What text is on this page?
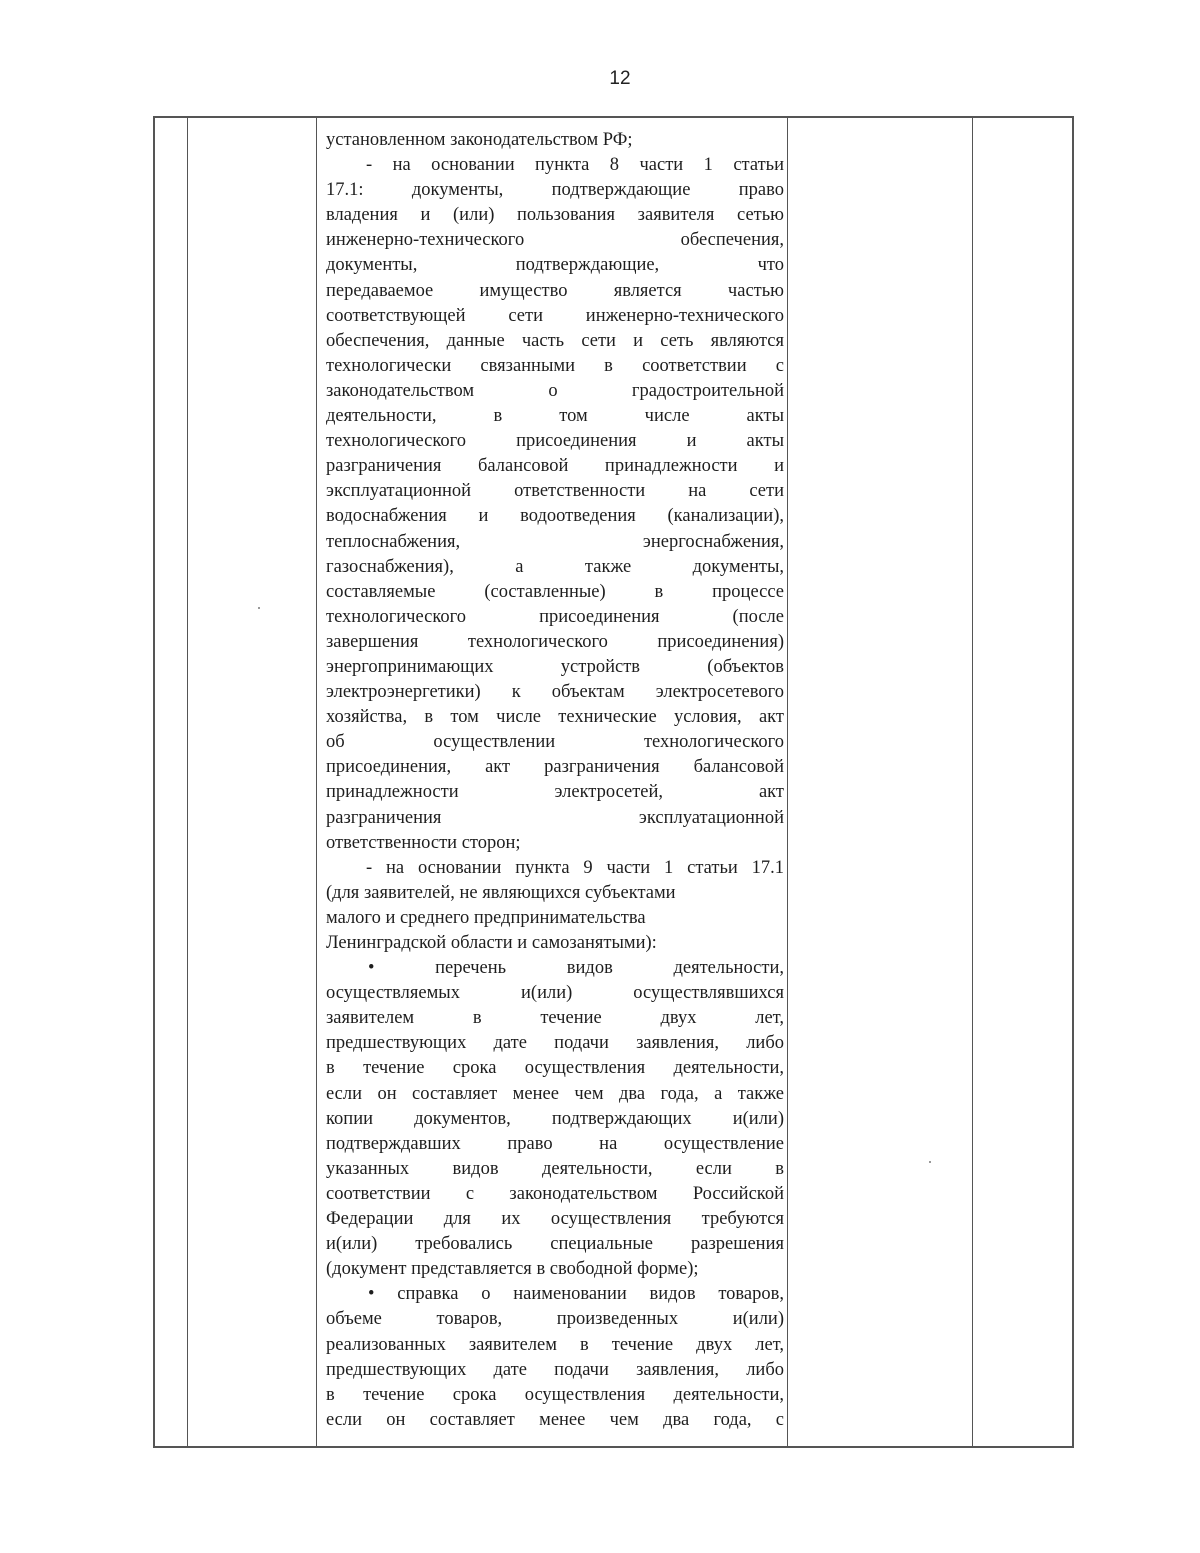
12

установленном законодательством РФ;

- на основании пункта 8 части 1 статьи

17.1: документы, подтверждающие право

владения и (или) пользования заявителя сетью

инженерно-технического обеспечения,

документы, подтверждающие, что

передаваемое имущество является частью

соответствующей сети инженерно-технического

обеспечения, данные часть сети и сеть являются

технологически связанными в соответствии с

законодательством о градостроительной

деятельности, в том числе акты

технологического присоединения и акты

разграничения балансовой принадлежности и

эксплуатационной ответственности на сети

водоснабжения и водоотведения (канализации),

теплоснабжения, энергоснабжения,

газоснабжения), а также документы,

составляемые (составленные) в процессе

технологического присоединения (после

завершения технологического присоединения)

энергопринимающих устройств (объектов

электроэнергетики) к объектам электросетевого

хозяйства, в том числе технические условия, акт

об осуществлении технологического

присоединения, акт разграничения балансовой

принадлежности электросетей, акт

разграничения эксплуатационной

ответственности сторон;

- на основании пункта 9 части 1 статьи 17.1

(для заявителей, не являющихся субъектами

малого и среднего предпринимательства

Ленинградской области и самозанятыми):

• перечень видов деятельности,

осуществляемых и(или) осуществлявшихся

заявителем в течение двух лет,

предшествующих дате подачи заявления, либо

в течение срока осуществления деятельности,

если он составляет менее чем два года, а также

копии документов, подтверждающих и(или)

подтверждавших право на осуществление

указанных видов деятельности, если в

соответствии с законодательством Российской

Федерации для их осуществления требуются

и(или) требовались специальные разрешения

(документ представляется в свободной форме);

• справка о наименовании видов товаров,

объеме товаров, произведенных и(или)

реализованных заявителем в течение двух лет,

предшествующих дате подачи заявления, либо

в течение срока осуществления деятельности,

если он составляет менее чем два года, с
